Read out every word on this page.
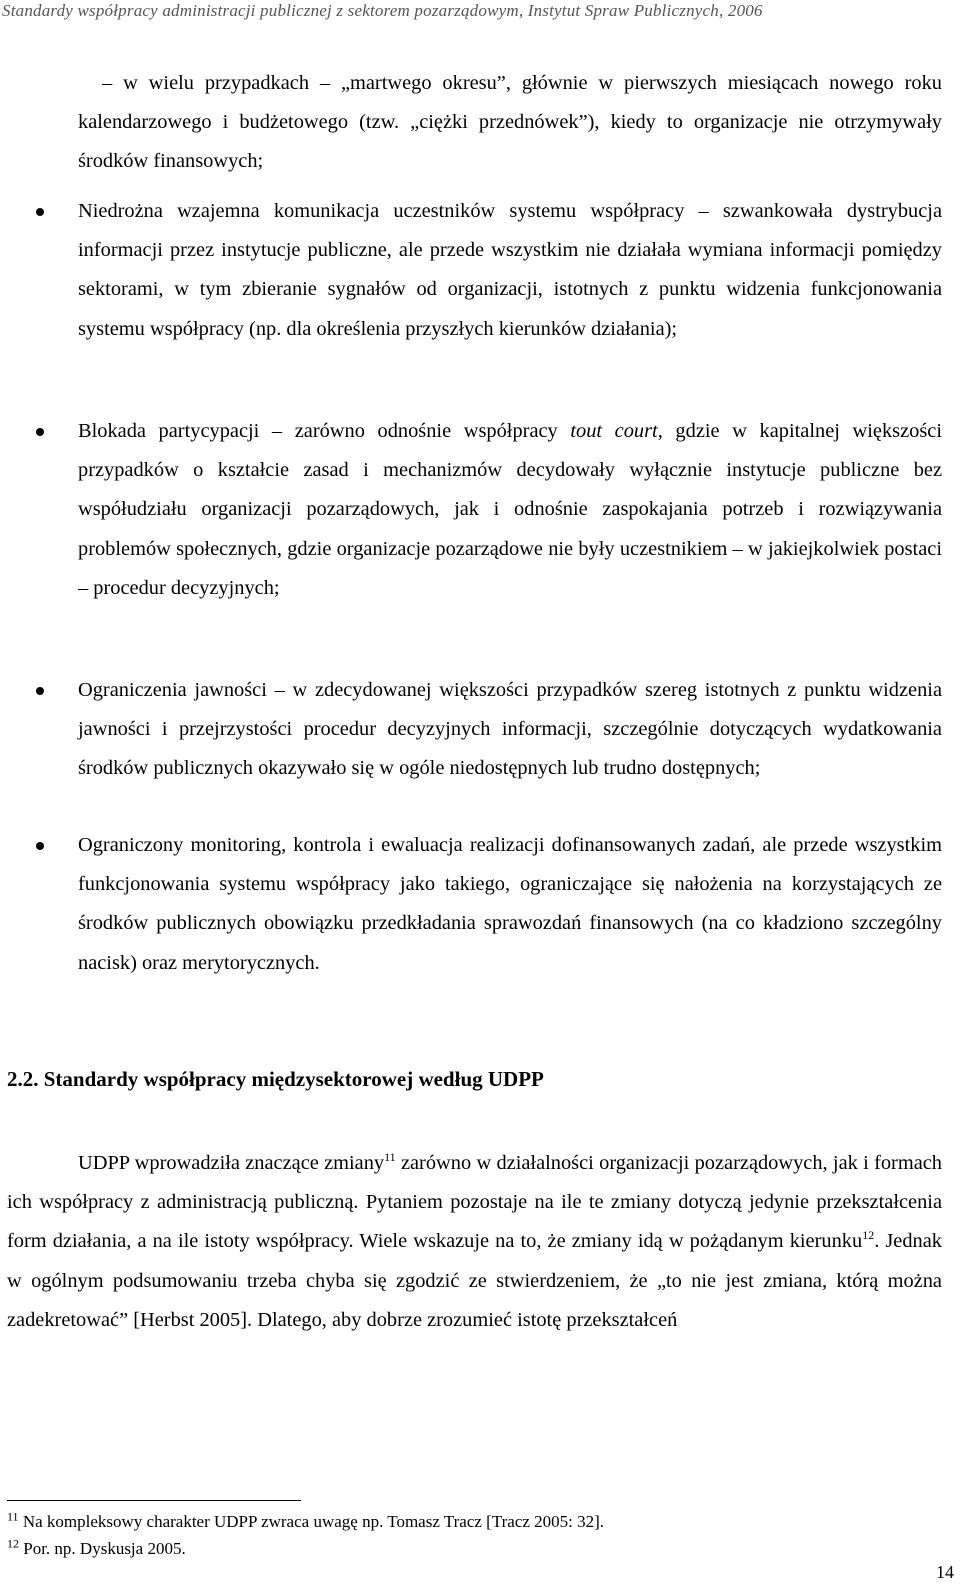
Standardy współpracy administracji publicznej z sektorem pozarządowym, Instytut Spraw Publicznych, 2006

– w wielu przypadkach – „martwego okresu”, głównie w pierwszych miesiącach nowego roku kalendarzowego i budżetowego (tzw. „ciężki przednówek”), kiedy to organizacje nie otrzymywały środków finansowych;

Niedrożna wzajemna komunikacja uczestników systemu współpracy – szwankowała dystrybucja informacji przez instytucje publiczne, ale przede wszystkim nie działała wymiana informacji pomiędzy sektorami, w tym zbieranie sygnałów od organizacji, istotnych z punktu widzenia funkcjonowania systemu współpracy (np. dla określenia przyszłych kierunków działania);

Blokada partycypacji – zarówno odnośnie współpracy tout court, gdzie w kapitalnej większości przypadków o kształcie zasad i mechanizmów decydowały wyłącznie instytucje publiczne bez współudziału organizacji pozarządowych, jak i odnośnie zaspokajania potrzeb i rozwiązywania problemów społecznych, gdzie organizacje pozarządowe nie były uczestnikiem – w jakiejkolwiek postaci – procedur decyzyjnych;

Ograniczenia jawności – w zdecydowanej większości przypadków szereg istotnych z punktu widzenia jawności i przejrzystości procedur decyzyjnych informacji, szczególnie dotyczących wydatkowania środków publicznych okazywało się w ogóle niedostępnych lub trudno dostępnych;

Ograniczony monitoring, kontrola i ewaluacja realizacji dofinansowanych zadań, ale przede wszystkim funkcjonowania systemu współpracy jako takiego, ograniczające się nałożenia na korzystających ze środków publicznych obowiązku przedkładania sprawozdań finansowych (na co kładziono szczególny nacisk) oraz merytorycznych.

2.2. Standardy współpracy międzysektorowej według UDPP

UDPP wprowadziła znaczące zmiany$^{11}$ zarówno w działalności organizacji pozarządowych, jak i formach ich współpracy z administracją publiczną. Pytaniem pozostaje na ile te zmiany dotyczą jedynie przekształcenia form działania, a na ile istoty współpracy. Wiele wskazuje na to, że zmiany idą w pożądanym kierunku$^{12}$. Jednak w ogólnym podsumowaniu trzeba chyba się zgodzić ze stwierdzeniem, że „to nie jest zmiana, którą można zadekretować” [Herbst 2005]. Dlatego, aby dobrze zrozumieć istotę przekształceń

$^{11}$ Na kompleksowy charakter UDPP zwraca uwagę np. Tomasz Tracz [Tracz 2005: 32].

$^{12}$ Por. np. Dyskusja 2005.

14
